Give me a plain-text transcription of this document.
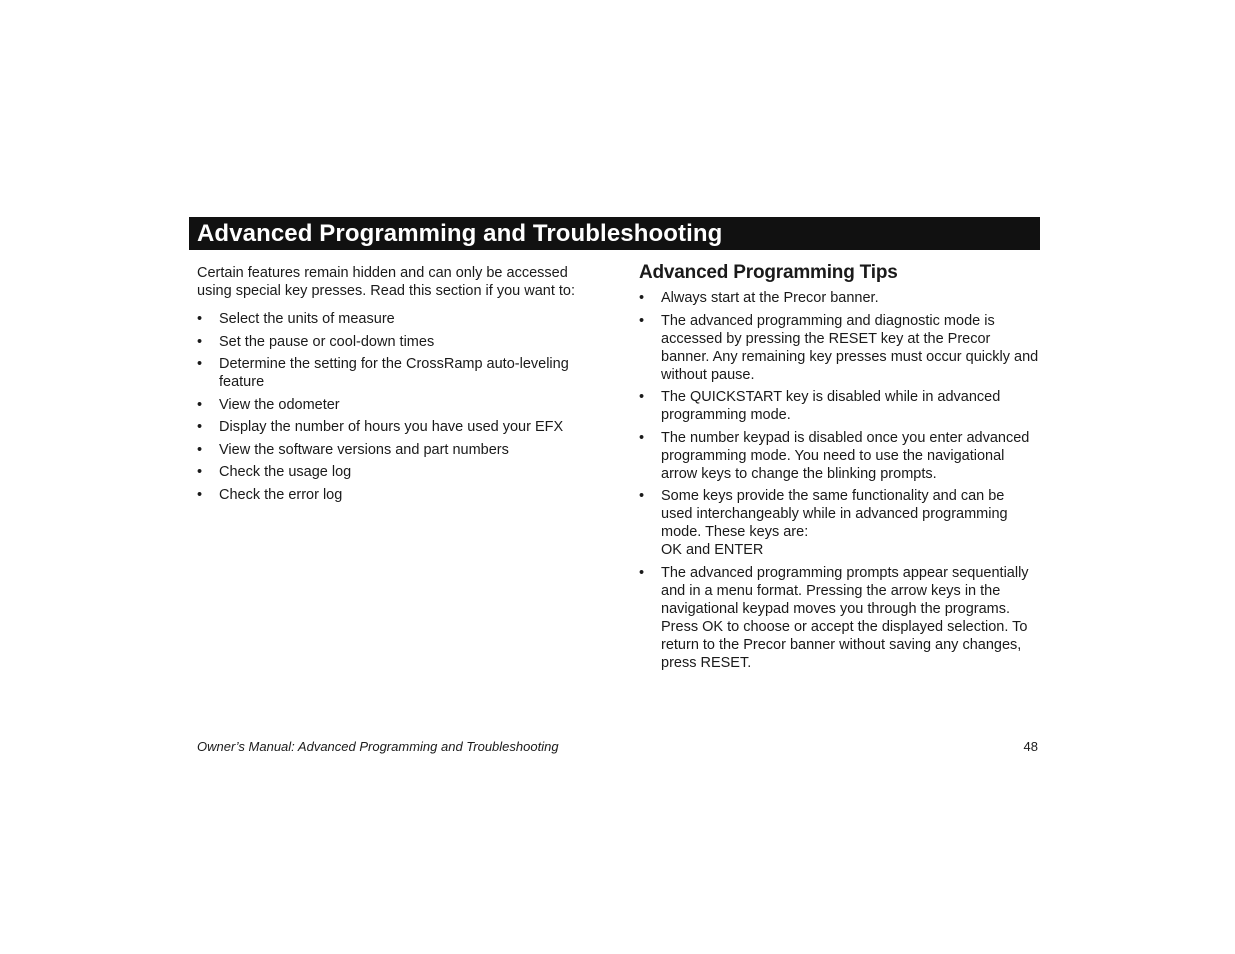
Advanced Programming and Troubleshooting

Certain features remain hidden and can only be accessed using special key presses. Read this section if you want to:

• Select the units of measure
• Set the pause or cool-down times
• Determine the setting for the CrossRamp auto-leveling feature
• View the odometer
• Display the number of hours you have used your EFX
• View the software versions and part numbers
• Check the usage log
• Check the error log
Advanced Programming Tips
• Always start at the Precor banner.
• The advanced programming and diagnostic mode is accessed by pressing the RESET key at the Precor banner. Any remaining key presses must occur quickly and without pause.
• The QUICKSTART key is disabled while in advanced programming mode.
• The number keypad is disabled once you enter advanced programming mode. You need to use the navigational arrow keys to change the blinking prompts.
• Some keys provide the same functionality and can be used interchangeably while in advanced programming mode. These keys are:
OK and ENTER
• The advanced programming prompts appear sequentially and in a menu format. Pressing the arrow keys in the navigational keypad moves you through the programs. Press OK to choose or accept the displayed selection. To return to the Precor banner without saving any changes, press RESET.
Owner’s Manual: Advanced Programming and Troubleshooting	48
